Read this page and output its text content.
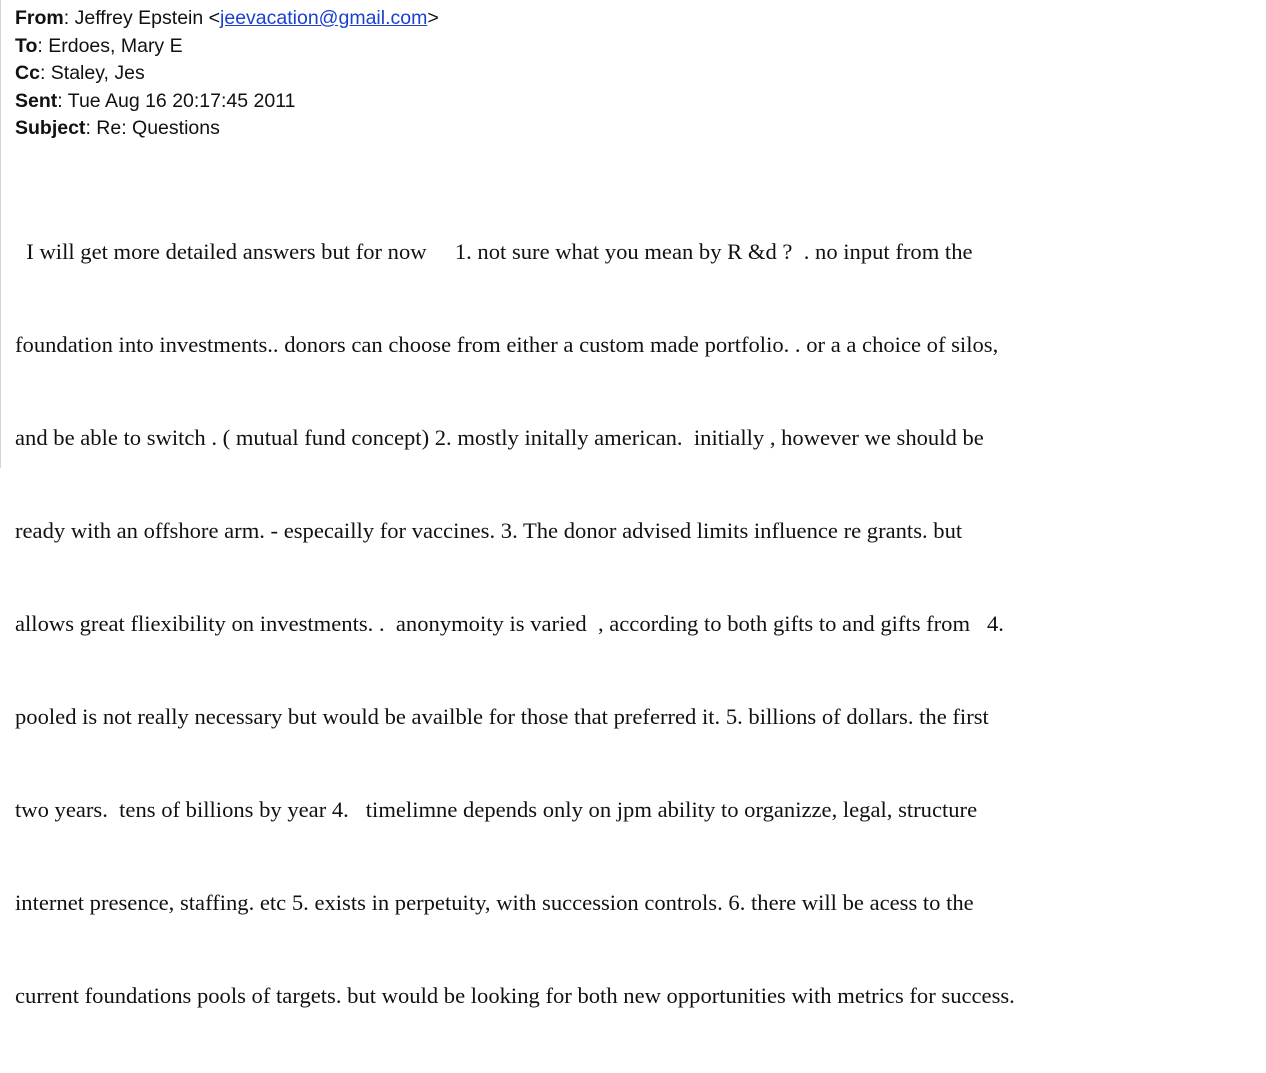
From: Jeffrey Epstein <jeevacation@gmail.com>
To: Erdoes, Mary E
Cc: Staley, Jes
Sent: Tue Aug 16 20:17:45 2011
Subject: Re: Questions

I will get more detailed answers but for now     1. not sure what you mean by R &d ?  . no input from the

foundation into investments.. donors can choose from either a custom made portfolio. . or a a choice of silos,

and be able to switch . ( mutual fund concept) 2. mostly initally american.  initially , however we should be

ready with an offshore arm. - especailly for vaccines. 3. The donor advised limits influence re grants. but

allows great fliexibility on investments. .  anonymoity is varied  , according to both gifts to and gifts from   4.

pooled is not really necessary but would be availble for those that preferred it. 5. billions of dollars. the first

two years.  tens of billions by year 4.   timelimne depends only on jpm ability to organizze, legal, structure

internet presence, staffing. etc 5. exists in perpetuity, with succession controls. 6. there will be acess to the

current foundations pools of targets. but would be looking for both new opportunities with metrics for success.
